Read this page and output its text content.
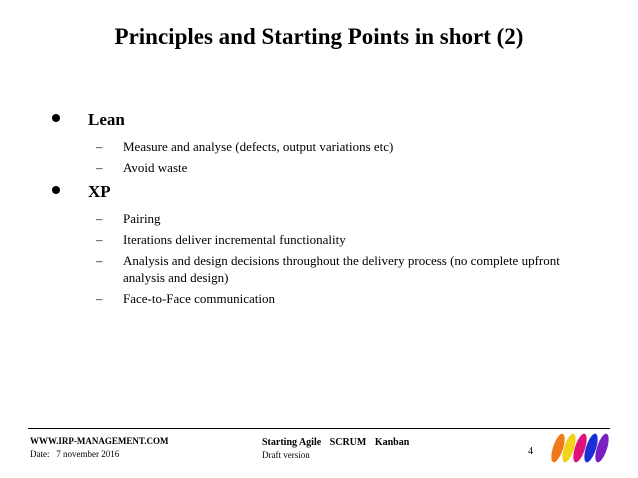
Principles and Starting Points in short (2)
Lean
–	Measure and analyse (defects, output variations etc)
–	Avoid waste
XP
–	Pairing
–	Iterations deliver incremental functionality
–	Analysis and design decisions throughout the delivery process (no complete upfront analysis and design)
–	Face-to-Face communication
WWW.IRP-MANAGEMENT.COM
Date: 7 november 2016
Starting Agile SCRUM Kanban
Draft version	4
